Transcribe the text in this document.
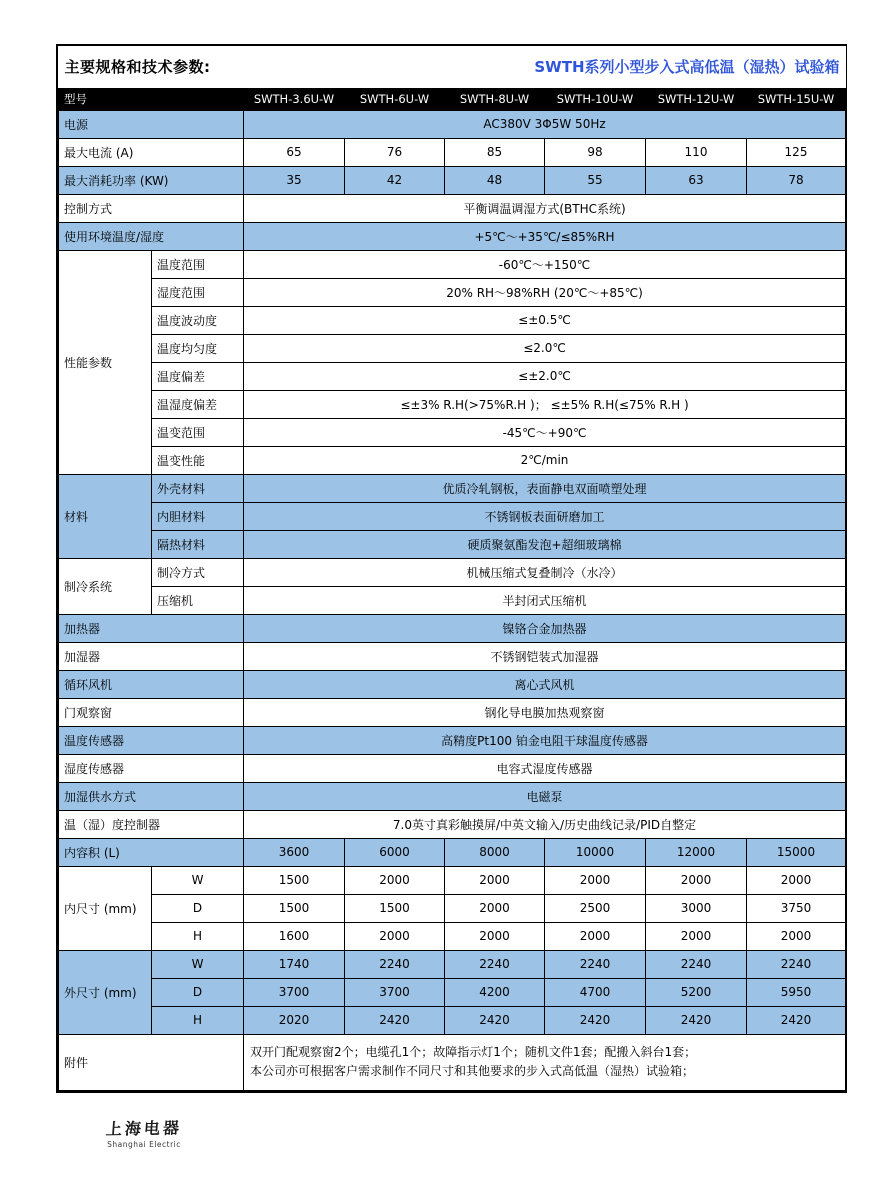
主要规格和技术参数: SWTH系列小型步入式高低温（湿热）试验箱							

型号		SWTH-3.6U-W	SWTH-6U-W	SWTH-8U-W	SWTH-10U-W	SWTH-12U-W	SWTH-15U-W
电源		AC380V 3Φ5W 50Hz					
最大电流 (A)		65	76	85	98	110	125
最大消耗功率 (KW)		35	42	48	55	63	78
控制方式		平衡调温调湿方式(BTHC系统)					
使用环境温度/湿度		+5℃～+35℃/≤85%RH					
性能参数	温度范围	-60℃～+150℃					
	湿度范围	20% RH～98%RH (20℃～+85℃)					
	温度波动度	≤±0.5℃					
	温度均匀度	≤2.0℃					
	温度偏差	≤±2.0℃					
	温湿度偏差	≤±3% R.H(>75%R.H )； ≤±5% R.H(≤75% R.H )					
	温变范围	-45℃～+90℃					
	温变性能	2℃/min					
材料	外壳材料	优质冷轧钢板，表面静电双面喷塑处理					
	内胆材料	不锈钢板表面研磨加工					
	隔热材料	硬质聚氨酯发泡+超细玻璃棉					
制冷系统	制冷方式	机械压缩式复叠制冷（水冷）					
	压缩机	半封闭式压缩机					
加热器		镍铬合金加热器					
加湿器		不锈钢铠装式加湿器					
循环风机		离心式风机					
门观察窗		钢化导电膜加热观察窗					
温度传感器		高精度Pt100 铂金电阻干球温度传感器					
湿度传感器		电容式湿度传感器					
加湿供水方式		电磁泵					
温（湿）度控制器		7.0英寸真彩触摸屏/中英文输入/历史曲线记录/PID自整定					
内容积 (L)		3600	6000	8000	10000	12000	15000
内尺寸 (mm)	W	1500	2000	2000	2000	2000	2000
	D	1500	1500	2000	2500	3000	3750
	H	1600	2000	2000	2000	2000	2000
外尺寸 (mm)	W	1740	2240	2240	2240	2240	2240
	D	3700	3700	4200	4700	5200	5950
	H	2020	2420	2420	2420	2420	2420
附件		双开门配观察窗2个；电缆孔1个；故障指示灯1个；随机文件1套；配搬入斜台1套；
本公司亦可根据客户需求制作不同尺寸和其他要求的步入式高低温（湿热）试验箱；					
上海电器
Shanghai Electric
